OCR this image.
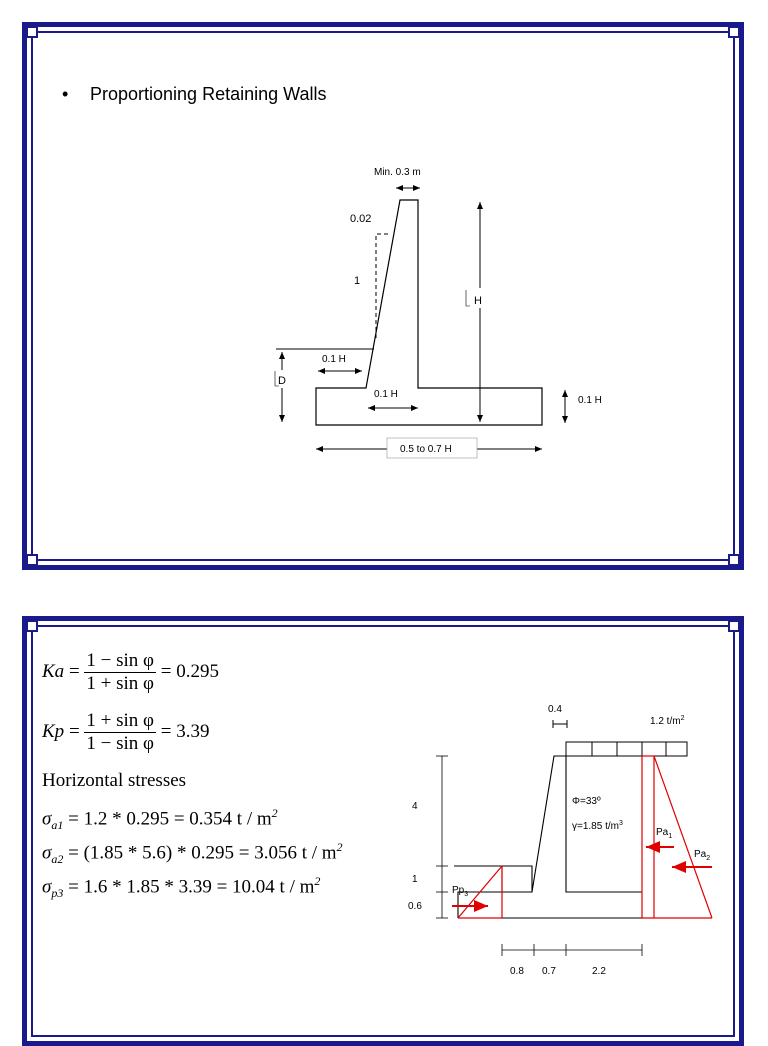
• Proportioning Retaining Walls
Min. 0.3 m
0.02
1
H
D
0.1 H
0.1 H
0.1 H
0.5 to 0.7 H
$Ka = \frac{\text{1 − sin φ}}{\text{1 + sin φ}} = 0.295$
$Kp = \frac{\text{1 + sin φ}}{\text{1 − sin φ}} = 3.39$
Horizontal stresses
$\sigma_{a1} = 1.2 * 0.295 = 0.354$ t / $m^2$
$\sigma_{a2} = (1.85 * 5.6) * 0.295 = 3.056$ t / $m^2$
$\sigma_{p3} = 1.6 * 1.85 * 3.39 = 10.04$ t / $m^2$
0.4
1.2 $t/m^2$
4
1
0.6
Φ=33º
γ=1.85 $t/m^3$
$Pa_1$
$Pa_2$
$Pp_3$
0.8 0.7	2.2
